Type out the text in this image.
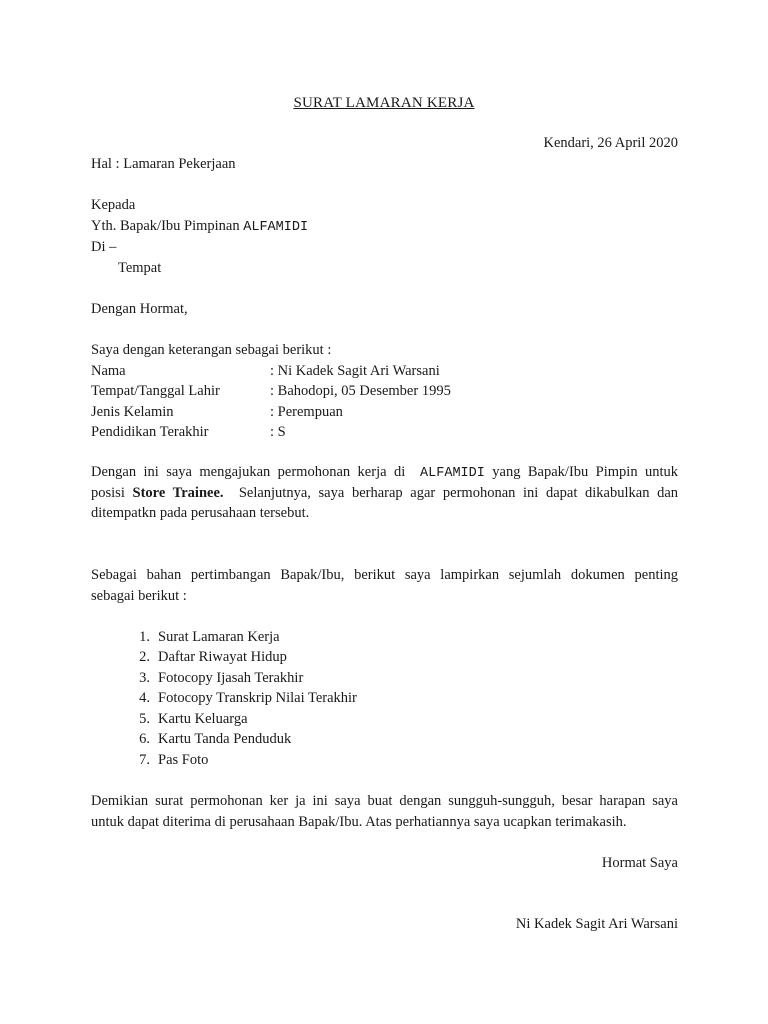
SURAT LAMARAN KERJA
Kendari, 26 April 2020
Hal : Lamaran Pekerjaan
Kepada
Yth. Bapak/Ibu Pimpinan ALFAMIDI
Di –
Tempat
Dengan Hormat,
Saya dengan keterangan sebagai berikut :
Nama	: Ni Kadek Sagit Ari Warsani
Tempat/Tanggal Lahir	: Bahodopi, 05 Desember 1995
Jenis Kelamin	: Perempuan
Pendidikan Terakhir	: S
Dengan ini saya mengajukan permohonan kerja di ALFAMIDI yang Bapak/Ibu Pimpin untuk
posisi Store Trainee. Selanjutnya, saya berharap agar permohonan ini dapat dikabulkan dan
ditempatkn pada perusahaan tersebut.
Sebagai bahan pertimbangan Bapak/Ibu, berikut saya lampirkan sejumlah dokumen penting
sebagai berikut :
1. Surat Lamaran Kerja
2. Daftar Riwayat Hidup
3. Fotocopy Ijasah Terakhir
4. Fotocopy Transkrip Nilai Terakhir
5. Kartu Keluarga
6. Kartu Tanda Penduduk
7. Pas Foto
Demikian surat permohonan ker ja ini saya buat dengan sungguh-sungguh, besar harapan saya
untuk dapat diterima di perusahaan Bapak/Ibu. Atas perhatiannya saya ucapkan terimakasih.
Hormat Saya
Ni Kadek Sagit Ari Warsani
